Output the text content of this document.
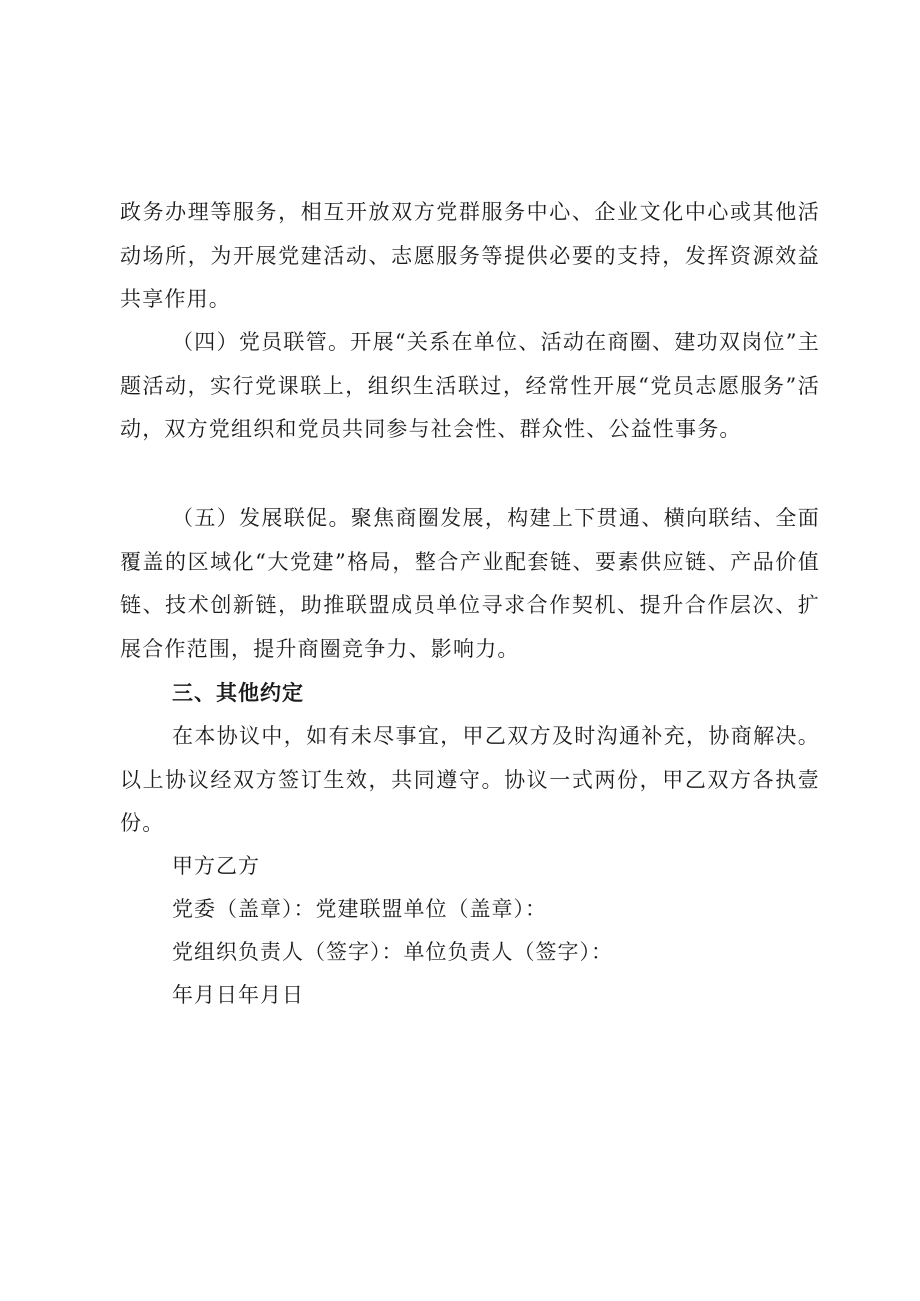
政务办理等服务，相互开放双方党群服务中心、企业文化中心或其他活动场所，为开展党建活动、志愿服务等提供必要的支持，发挥资源效益共享作用。

（四）党员联管。开展“关系在单位、活动在商圈、建功双岗位”主题活动，实行党课联上，组织生活联过，经常性开展“党员志愿服务”活动，双方党组织和党员共同参与社会性、群众性、公益性事务。

（五）发展联促。聚焦商圈发展，构建上下贯通、横向联结、全面覆盖的区域化“大党建”格局，整合产业配套链、要素供应链、产品价值链、技术创新链，助推联盟成员单位寻求合作契机、提升合作层次、扩展合作范围，提升商圈竞争力、影响力。

三、其他约定

在本协议中，如有未尽事宜，甲乙双方及时沟通补充，协商解决。以上协议经双方签订生效，共同遵守。协议一式两份，甲乙双方各执壹份。

甲方乙方
党委（盖章）：党建联盟单位（盖章）：
党组织负责人（签字）：单位负责人（签字）：
年月日年月日
